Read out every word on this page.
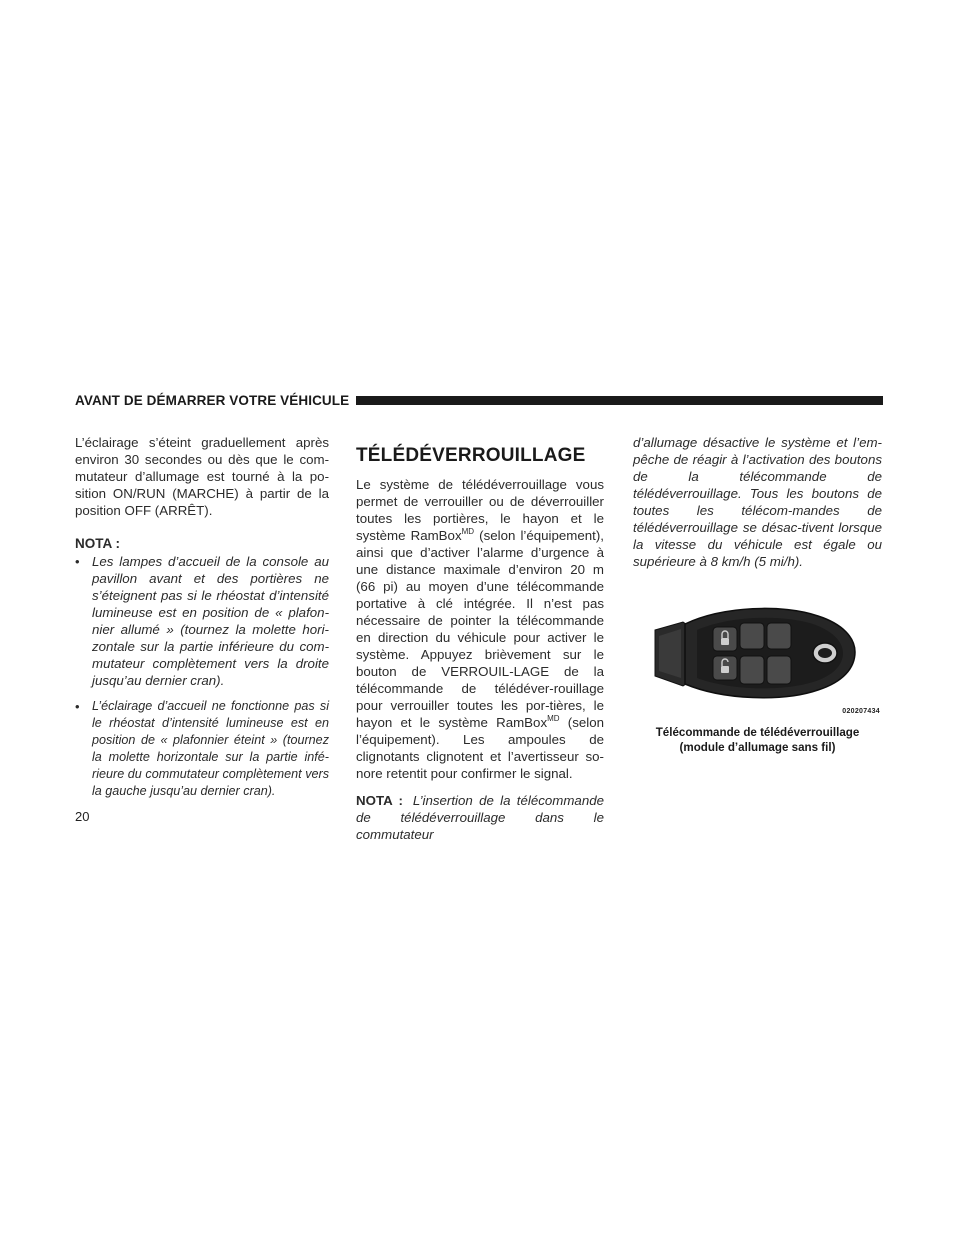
AVANT DE DÉMARRER VOTRE VÉHICULE

L’éclairage s’éteint graduellement après environ 30 secondes ou dès que le com-mutateur d’allumage est tourné à la po-sition ON/RUN (MARCHE) à partir de la position OFF (ARRÊT).

NOTA :
• Les lampes d’accueil de la console au pavillon avant et des portières ne s’éteignent pas si le rhéostat d’intensité lumineuse est en position de « plafon-nier allumé » (tournez la molette hori-zontale sur la partie inférieure du com-mutateur complètement vers la droite jusqu’au dernier cran).
• L’éclairage d’accueil ne fonctionne pas si le rhéostat d’intensité lumineuse est en position de « plafonnier éteint » (tournez la molette horizontale sur la partie infé-rieure du commutateur complètement vers la gauche jusqu’au dernier cran).
TÉLÉDÉVERROUILLAGE

Le système de télédéverrouillage vous permet de verrouiller ou de déverrouiller toutes les portières, le hayon et le système RamBox$^{MD}$ (selon l’équipement), ainsi que d’activer l’alarme d’urgence à une distance maximale d’environ 20 m (66 pi) au moyen d’une télécommande portative à clé intégrée. Il n’est pas nécessaire de pointer la télécommande en direction du véhicule pour activer le système. Appuyez brièvement sur le bouton de VERROUIL-LAGE de la télécommande de télédéver-rouillage pour verrouiller toutes les por-tières, le hayon et le système RamBox$^{MD}$ (selon l’équipement). Les ampoules de clignotants clignotent et l’avertisseur so-nore retentit pour confirmer le signal.

NOTA : L’insertion de la télécommande de télédéverrouillage dans le commutateur

d’allumage désactive le système et l’em-pêche de réagir à l’activation des boutons de la télécommande de télédéverrouillage. Tous les boutons de toutes les télécom-mandes de télédéverrouillage se désac-tivent lorsque la vitesse du véhicule est égale ou supérieure à 8 km/h (5 mi/h).

020207434
Télécommande de télédéverrouillage
(module d’allumage sans fil)
20
